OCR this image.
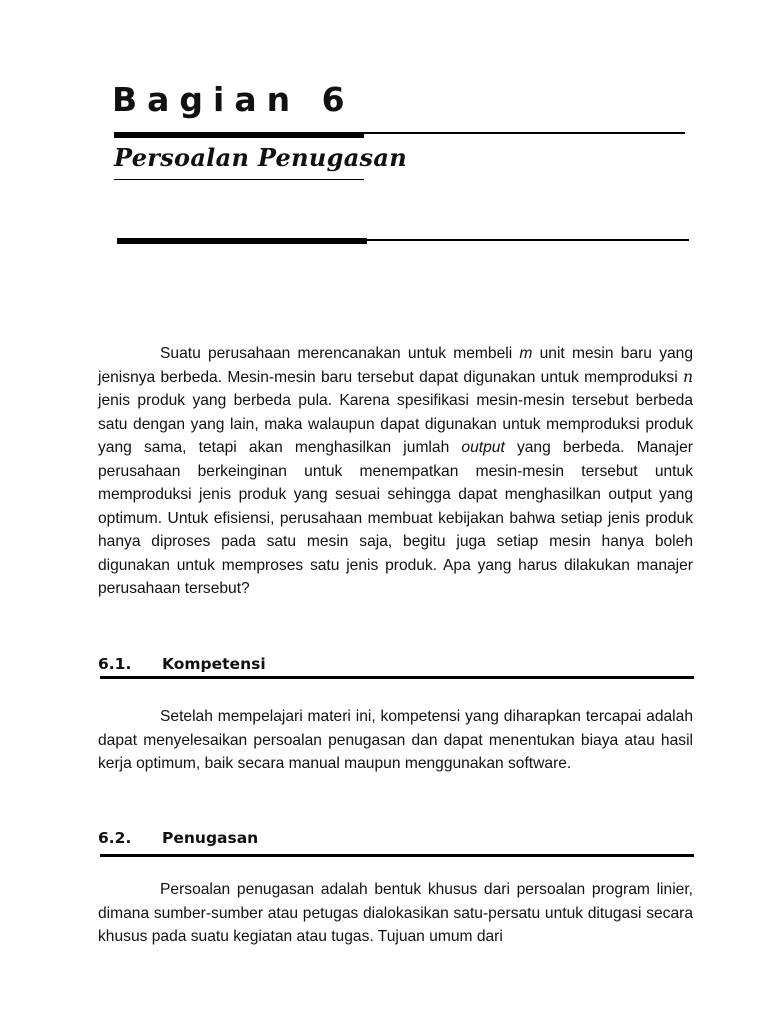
Bagian 6
Persoalan Penugasan

Suatu perusahaan merencanakan untuk membeli m unit mesin baru yang jenisnya berbeda. Mesin-mesin baru tersebut dapat digunakan untuk memproduksi n jenis produk yang berbeda pula. Karena spesifikasi mesin-mesin tersebut berbeda satu dengan yang lain, maka walaupun dapat digunakan untuk memproduksi produk yang sama, tetapi akan menghasilkan jumlah output yang berbeda. Manajer perusahaan berkeinginan untuk menempatkan mesin-mesin tersebut untuk memproduksi jenis produk yang sesuai sehingga dapat menghasilkan output yang optimum. Untuk efisiensi, perusahaan membuat kebijakan bahwa setiap jenis produk hanya diproses pada satu mesin saja, begitu juga setiap mesin hanya boleh digunakan untuk memproses satu jenis produk. Apa yang harus dilakukan manajer perusahaan tersebut?

6.1. Kompetensi

Setelah mempelajari materi ini, kompetensi yang diharapkan tercapai adalah dapat menyelesaikan persoalan penugasan dan dapat menentukan biaya atau hasil kerja optimum, baik secara manual maupun menggunakan software.

6.2. Penugasan

Persoalan penugasan adalah bentuk khusus dari persoalan program linier, dimana sumber-sumber atau petugas dialokasikan satu-persatu untuk ditugasi secara khusus pada suatu kegiatan atau tugas. Tujuan umum dari
